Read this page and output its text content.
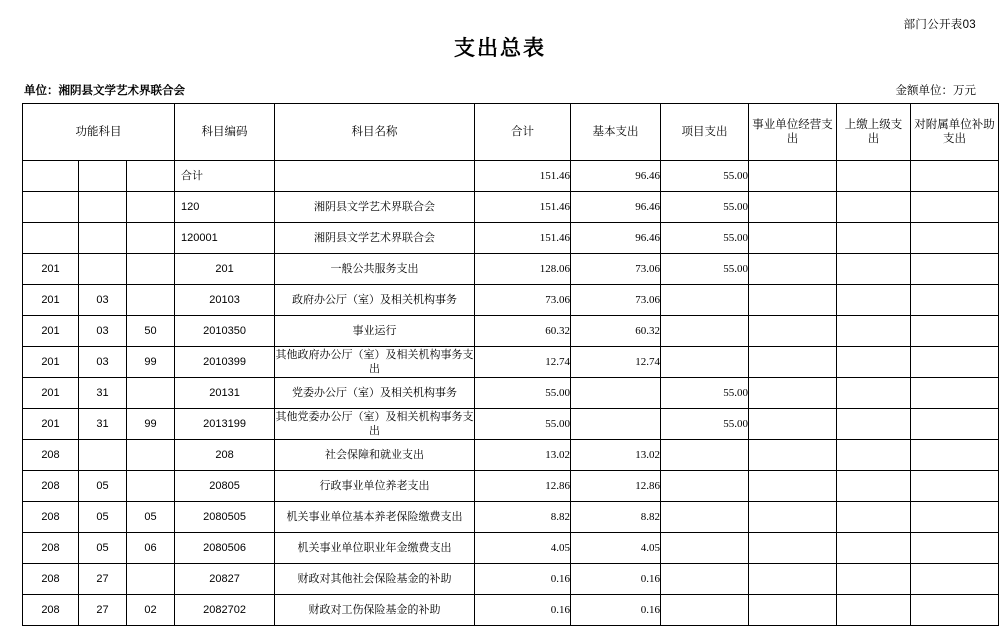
部门公开表03
支出总表
单位：湘阴县文学艺术界联合会	金额单位：万元
功能科目			科目编码	科目名称	合计	基本支出	项目支出	事业单位经营支出	上缴上级支出	对附属单位补助支出
			合计		151.46	96.46	55.00			
			120	湘阴县文学艺术界联合会	151.46	96.46	55.00			
			120001	湘阴县文学艺术界联合会	151.46	96.46	55.00			
201			201	一般公共服务支出	128.06	73.06	55.00			
201	03		20103	政府办公厅（室）及相关机构事务	73.06	73.06				
201	03	50	2010350	事业运行	60.32	60.32				
201	03	99	2010399	其他政府办公厅（室）及相关机构事务支出	12.74	12.74				
201	31		20131	党委办公厅（室）及相关机构事务	55.00		55.00			
201	31	99	2013199	其他党委办公厅（室）及相关机构事务支出	55.00		55.00			
208			208	社会保障和就业支出	13.02	13.02				
208	05		20805	行政事业单位养老支出	12.86	12.86				
208	05	05	2080505	机关事业单位基本养老保险缴费支出	8.82	8.82				
208	05	06	2080506	机关事业单位职业年金缴费支出	4.05	4.05				
208	27		20827	财政对其他社会保险基金的补助	0.16	0.16				
208	27	02	2082702	财政对工伤保险基金的补助	0.16	0.16				
